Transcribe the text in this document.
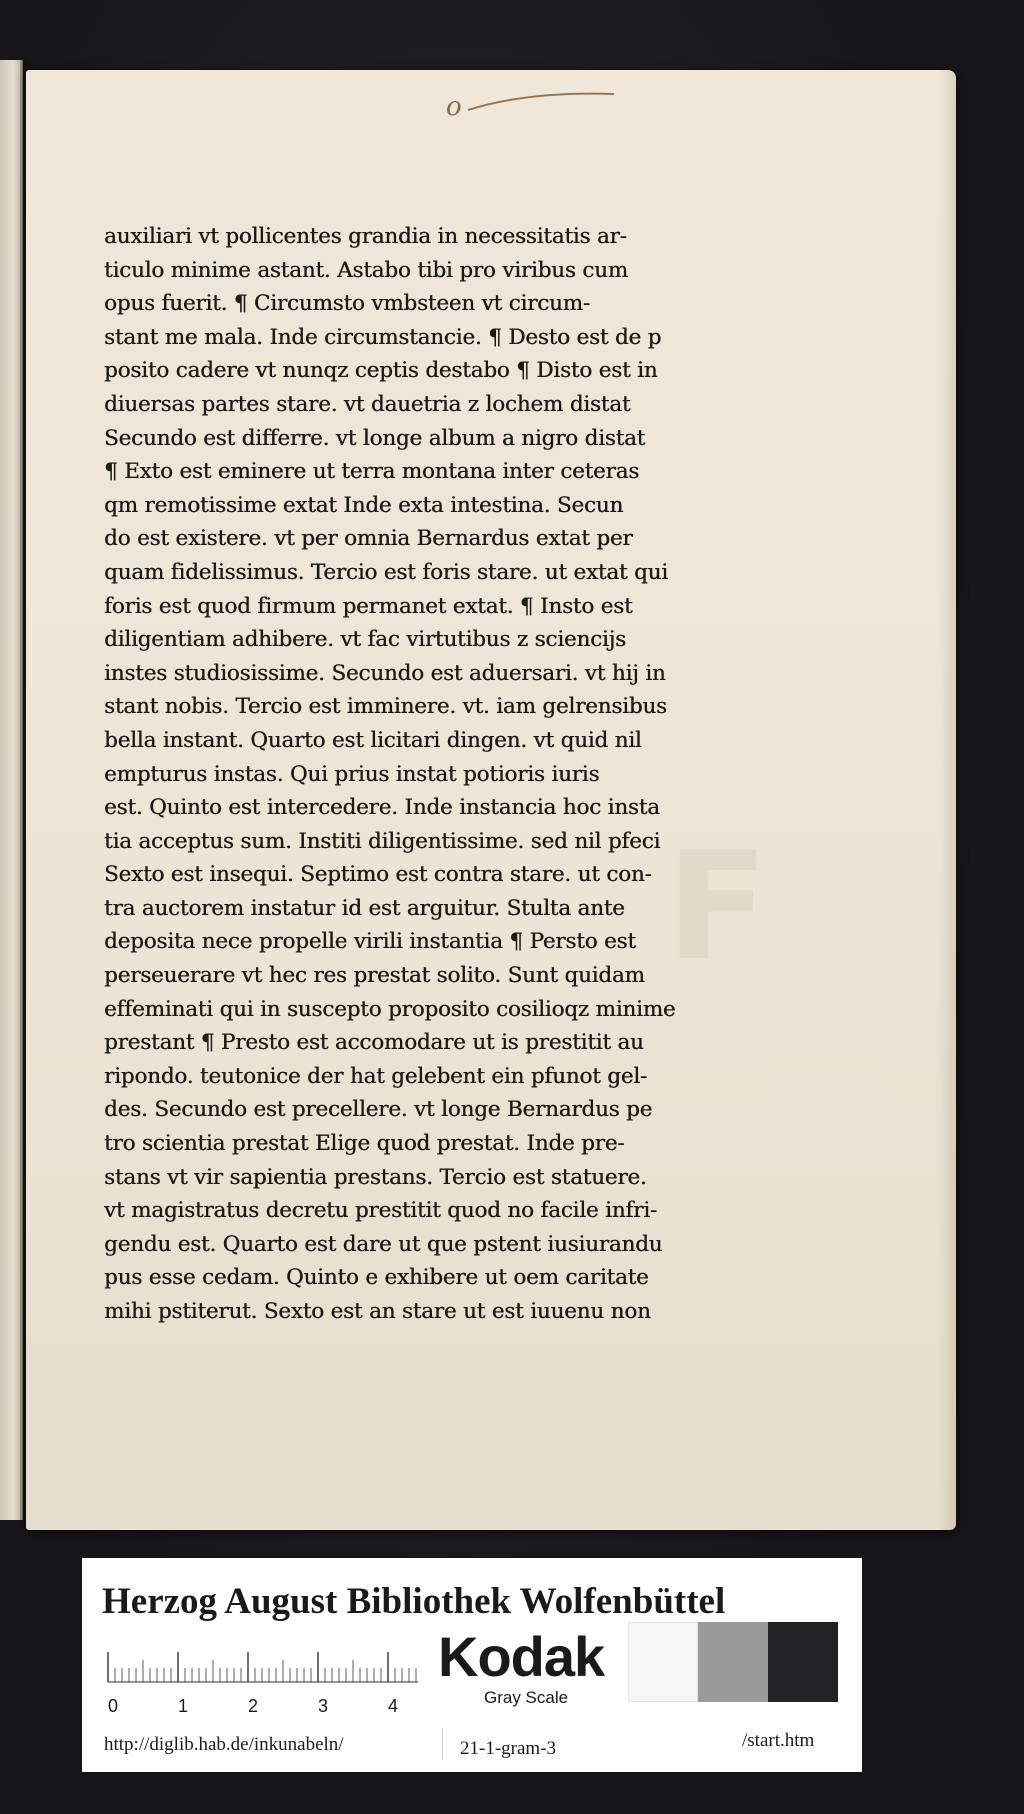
o
F
auxiliari vt pollicentes grandia in necessitatis ar-
ticulo minime astant. Astabo tibi pro viribus cum
opus fuerit. ¶ Circumsto vmbsteen vt circum-
stant me mala. Inde circumstancie. ¶ Desto est de p
posito cadere vt nunqz ceptis destabo ¶ Disto est in
diuersas partes stare. vt dauetria z lochem distat
Secundo est differre. vt longe album a nigro distat
¶ Exto est eminere ut terra montana inter ceteras
qm remotissime extat Inde exta intestina. Secun
do est existere. vt per omnia Bernardus extat per
quam fidelissimus. Tercio est foris stare. ut extat qui
foris est quod firmum permanet extat. ¶ Insto est
diligentiam adhibere. vt fac virtutibus z sciencijs
instes studiosissime. Secundo est aduersari. vt hij in
stant nobis. Tercio est imminere. vt. iam gelrensibus
bella instant. Quarto est licitari dingen. vt quid nil
empturus instas. Qui prius instat potioris iuris
est. Quinto est intercedere. Inde instancia hoc insta
tia acceptus sum. Institi diligentissime. sed nil pfeci
Sexto est insequi. Septimo est contra stare. ut con-
tra auctorem instatur id est arguitur. Stulta ante
deposita nece propelle virili instantia ¶ Persto est
perseuerare vt hec res prestat solito. Sunt quidam
effeminati qui in suscepto proposito cosilioqz minime
prestant ¶ Presto est accomodare ut is prestitit au
ripondo. teutonice der hat gelebent ein pfunot gel-
des. Secundo est precellere. vt longe Bernardus pe
tro scientia prestat Elige quod prestat. Inde pre-
stans vt vir sapientia prestans. Tercio est statuere.
vt magistratus decretu prestitit quod no facile infri-
gendu est. Quarto est dare ut que pstent iusiurandu
pus esse cedam. Quinto e exhibere ut oem caritate
mihi pstiterut. Sexto est an stare ut est iuuenu non
Herzog August Bibliothek Wolfenbüttel
0	1	2	3	4
Kodak
Gray Scale
http://diglib.hab.de/inkunabeln/	21-1-gram-3	/start.htm
